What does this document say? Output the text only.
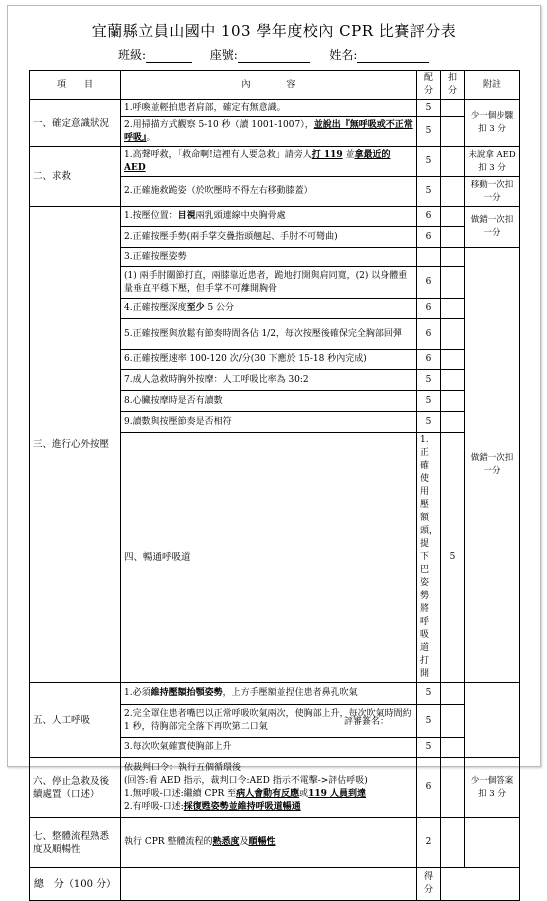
宜蘭縣立員山國中 103 學年度校內 CPR 比賽評分表
班級:	座號:	姓名:
項　　目	內　　　　容	配分	扣分	附註	
一、確定意識狀況	1.呼喚並輕拍患者肩部，確定有無意識。	5		少一個步驟扣 3 分	
	2.用掃描方式觀察 5-10 秒（讀 1001-1007），並說出『無呼吸或不正常呼吸』。	5			
二、求救	1.高聲呼救，「救命啊!這裡有人要急救」請旁人打 119 並拿最近的 AED	5		未說拿 AED 扣 3 分	
	2.正確施救跪姿（於吹壓時不得左右移動膝蓋）	5		移動一次扣一分	
三、進行心外按壓	1.按壓位置：目視兩乳頭連線中央胸骨處	6		做錯一次扣一分	
	2.正確按壓手勢(兩手掌交疊指頭翹起、手肘不可彎曲)	6			
	3.正確按壓姿勢			做錯一次扣一分	
	(1) 兩手肘關節打直，兩膝靠近患者，跪地打開與肩同寬，(2) 以身體重量垂直平穩下壓，但手掌不可離開胸骨	6			
	4.正確按壓深度至少 5 公分	6			
	5.正確按壓與放鬆有節奏時間各佔 1/2，每次按壓後確保完全胸部回彈	6			
	6.正確按壓速率 100-120 次/分(30 下應於 15-18 秒內完成)	6			
	7.成人急救時胸外按摩：人工呼吸比率為 30:2	5			
	8.心臟按摩時是否有讀數	5			
	9.讀數與按壓節奏是否相符	5			
	四、暢通呼吸道	1.正確使用壓額頭，提下巴姿勢將呼吸道打開	5		
五、人工呼吸	1.必須維持壓額抬顎姿勢，上方手壓額並捏住患者鼻孔吹氣	5			
	2.完全罩住患者嘴巴以正常呼吸吹氣兩次，使胸部上升，每次吹氣時間約 1 秒，待胸部完全落下再吹第二口氣	5			
	3.每次吹氣確實使胸部上升	5			
六、停止急救及後續處置（口述）	依裁判口令：執行五個循環後
(回答:看 AED 指示，裁判口令:AED 指示不電擊->評估呼吸)
1.無呼吸-口述:繼續 CPR 至病人會動有反應或119 人員到達
2.有呼吸-口述:採復甦姿勢並維持呼吸道暢通	6		少一個答案扣 3 分	
七、整體流程熟悉度及順暢性	執行 CPR 整體流程的熟悉度及順暢性	2			
總　分（100 分）		得分			
評審簽名：
